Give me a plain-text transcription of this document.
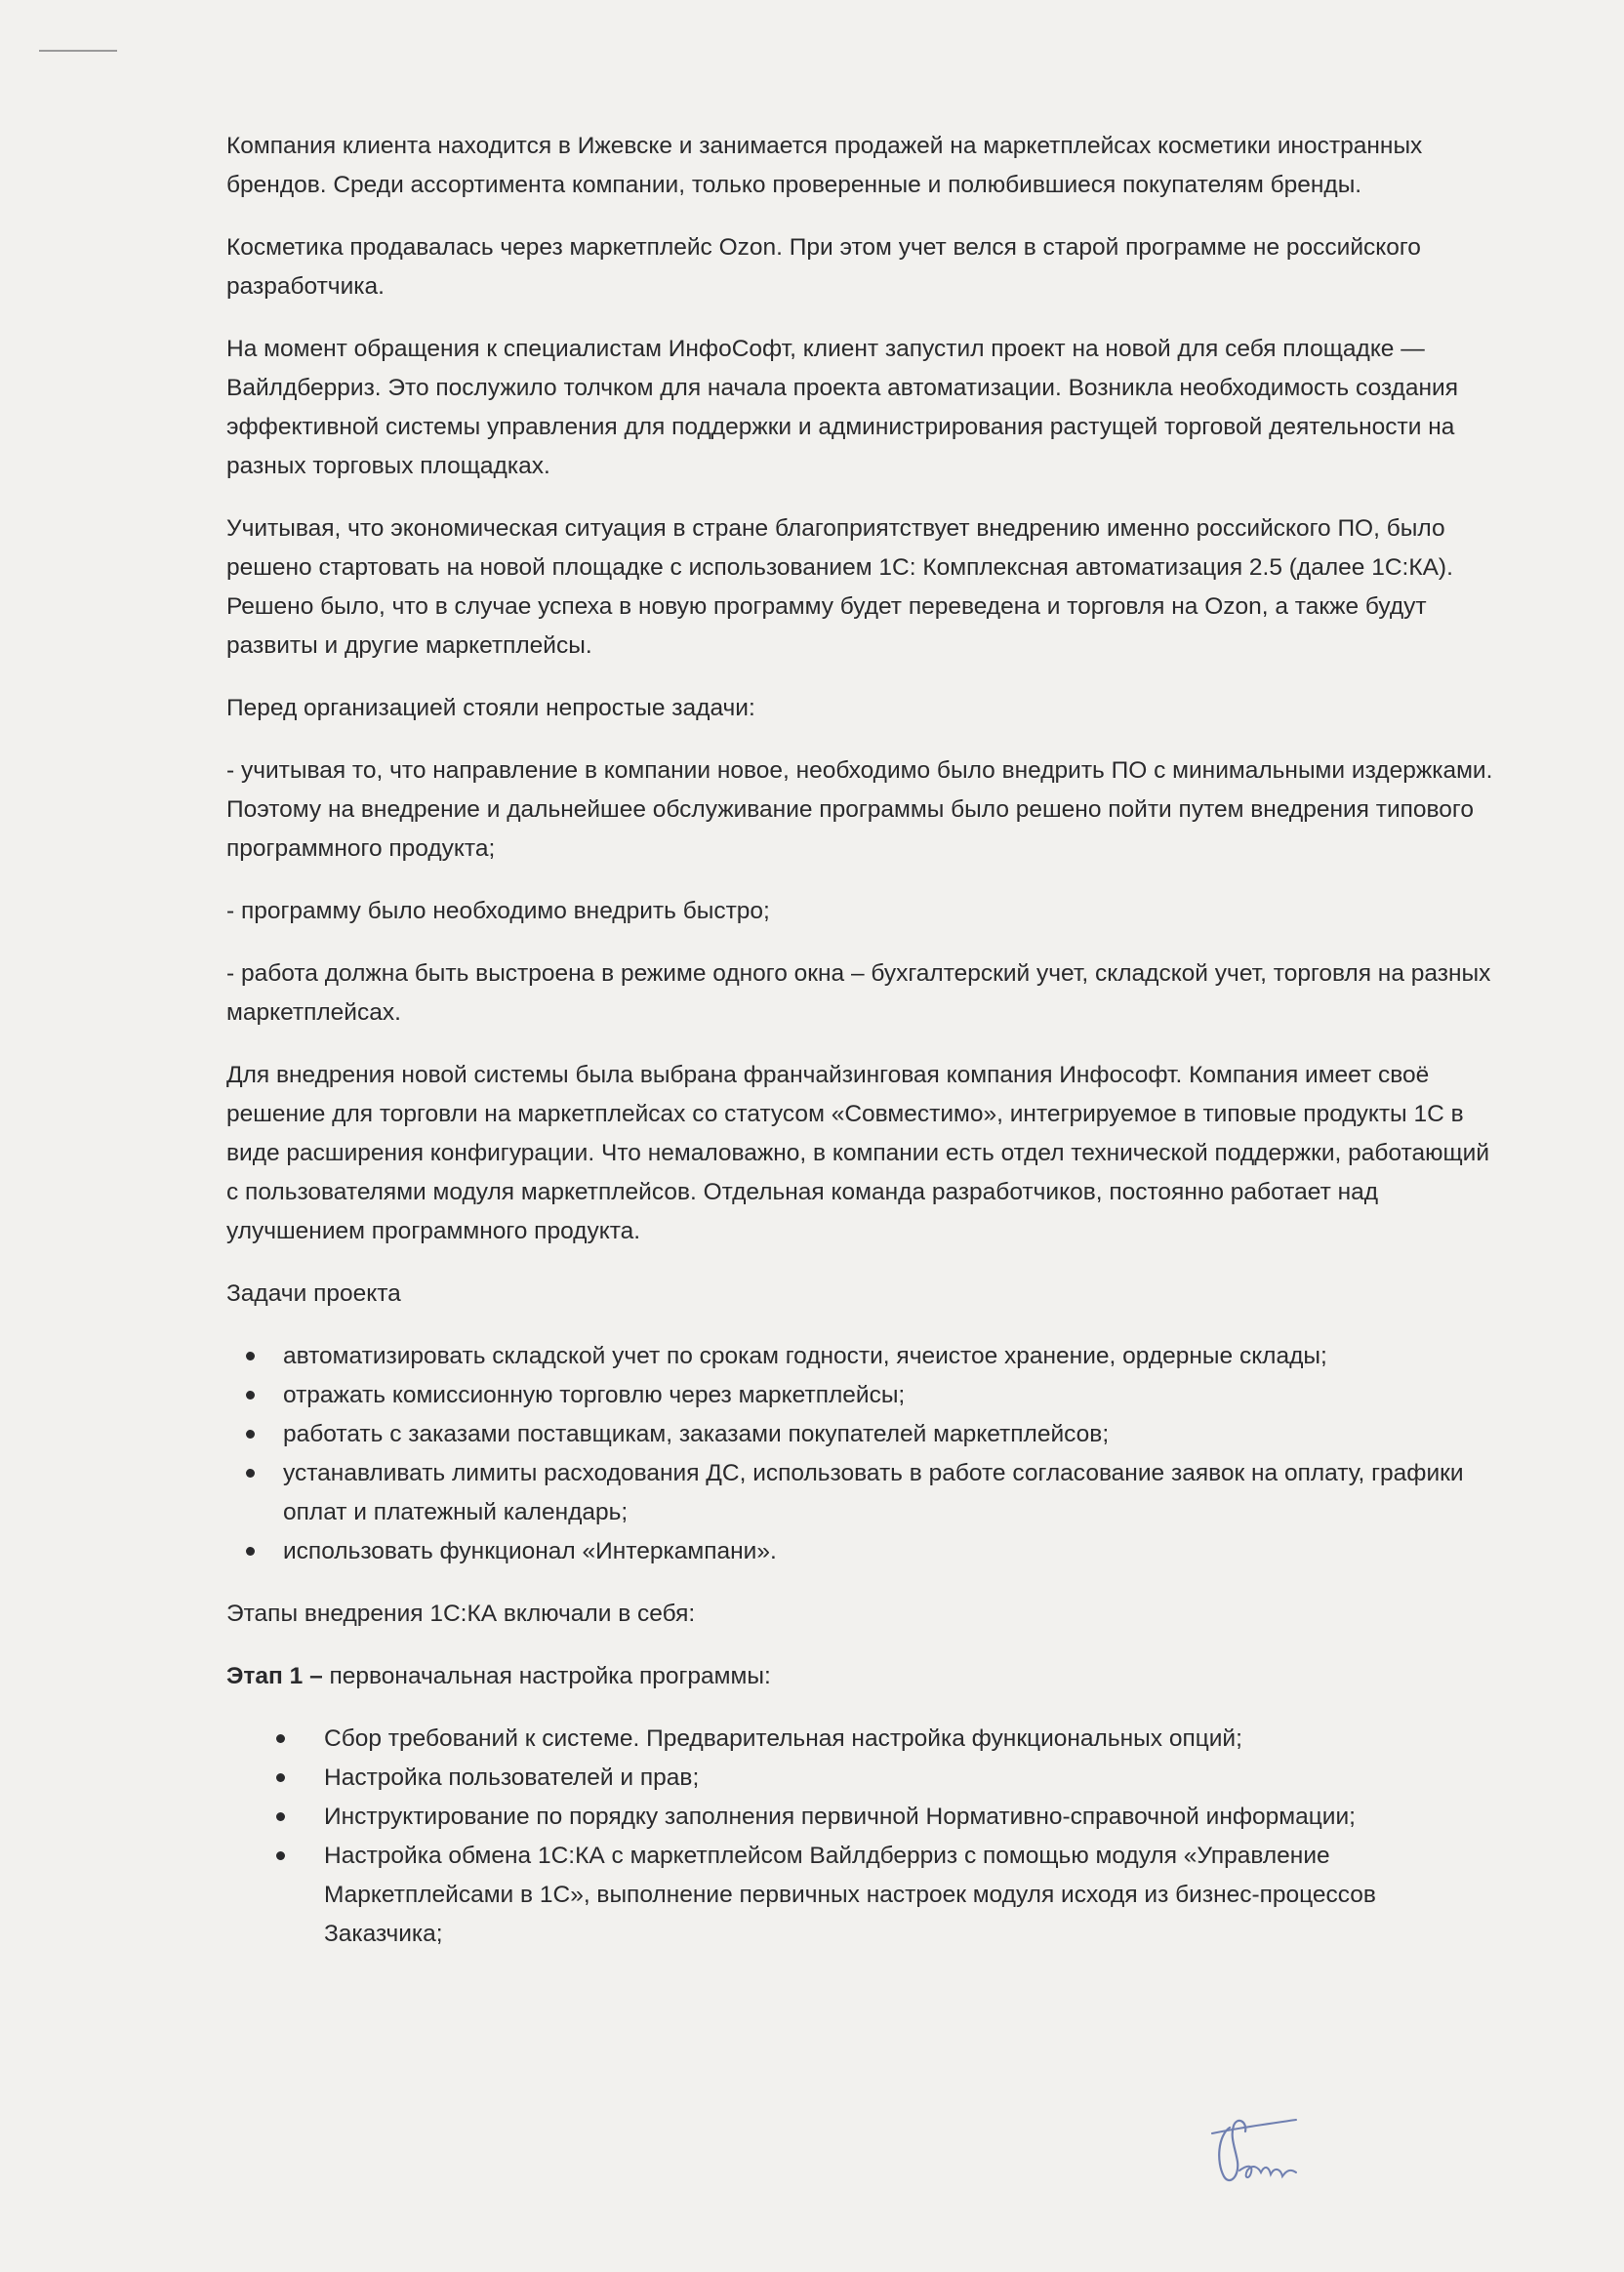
Компания клиента находится в Ижевске и занимается продажей на маркетплейсах косметики иностранных брендов. Среди ассортимента компании, только проверенные и полюбившиеся покупателям бренды.

Косметика продавалась через маркетплейс Ozon. При этом учет велся в старой программе не российского разработчика.

На момент обращения к специалистам ИнфоСофт, клиент запустил проект на новой для себя площадке — Вайлдберриз. Это послужило толчком для начала проекта автоматизации. Возникла необходимость создания эффективной системы управления для поддержки и администрирования растущей торговой деятельности на разных торговых площадках.

Учитывая, что экономическая ситуация в стране благоприятствует внедрению именно российского ПО, было решено стартовать на новой площадке с использованием 1С: Комплексная автоматизация 2.5 (далее 1С:КА). Решено было, что в случае успеха в новую программу будет переведена и торговля на Ozon, а также будут развиты и другие маркетплейсы.

Перед организацией стояли непростые задачи:

- учитывая то, что направление в компании новое, необходимо было внедрить ПО с минимальными издержками. Поэтому на внедрение и дальнейшее обслуживание программы было решено пойти путем внедрения типового программного продукта;

- программу было необходимо внедрить быстро;

- работа должна быть выстроена в режиме одного окна – бухгалтерский учет, складской учет, торговля на разных маркетплейсах.

Для внедрения новой системы была выбрана франчайзинговая компания Инфософт. Компания имеет своё решение для торговли на маркетплейсах со статусом «Совместимо», интегрируемое в типовые продукты 1С в виде расширения конфигурации. Что немаловажно, в компании есть отдел технической поддержки, работающий с пользователями модуля маркетплейсов. Отдельная команда разработчиков, постоянно работает над улучшением программного продукта.

Задачи проекта

автоматизировать складской учет по срокам годности, ячеистое хранение, ордерные склады;
отражать комиссионную торговлю через маркетплейсы;
работать с заказами поставщикам, заказами покупателей маркетплейсов;
устанавливать лимиты расходования ДС, использовать в работе согласование заявок на оплату, графики оплат и платежный календарь;
использовать функционал «Интеркампани».

Этапы внедрения 1С:КА включали в себя:

Этап 1 – первоначальная настройка программы:

Сбор требований к системе. Предварительная настройка функциональных опций;
Настройка пользователей и прав;
Инструктирование по порядку заполнения первичной Нормативно-справочной информации;
Настройка обмена 1С:КА с маркетплейсом Вайлдберриз с помощью модуля «Управление Маркетплейсами в 1С», выполнение первичных настроек модуля исходя из бизнес-процессов Заказчика;
